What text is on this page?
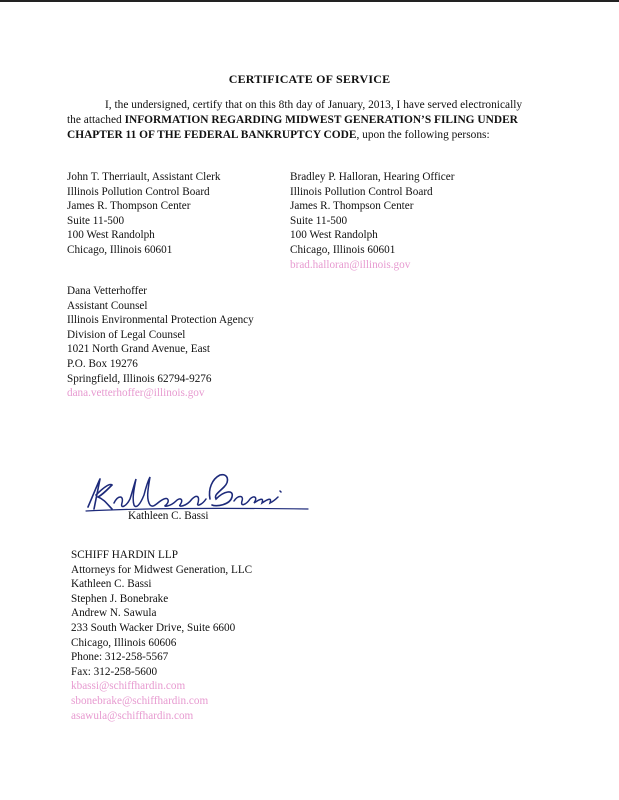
CERTIFICATE OF SERVICE
I, the undersigned, certify that on this 8th day of January, 2013, I have served electronically the attached INFORMATION REGARDING MIDWEST GENERATION’S FILING UNDER CHAPTER 11 OF THE FEDERAL BANKRUPTCY CODE, upon the following persons:
John T. Therriault, Assistant Clerk
Illinois Pollution Control Board
James R. Thompson Center
Suite 11-500
100 West Randolph
Chicago, Illinois 60601
Bradley P. Halloran, Hearing Officer
Illinois Pollution Control Board
James R. Thompson Center
Suite 11-500
100 West Randolph
Chicago, Illinois 60601
brad.halloran@illinois.gov
Dana Vetterhoffer
Assistant Counsel
Illinois Environmental Protection Agency
Division of Legal Counsel
1021 North Grand Avenue, East
P.O. Box 19276
Springfield, Illinois 62794-9276
dana.vetterhoffer@illinois.gov
Kathleen C. Bassi
SCHIFF HARDIN LLP
Attorneys for Midwest Generation, LLC
Kathleen C. Bassi
Stephen J. Bonebrake
Andrew N. Sawula
233 South Wacker Drive, Suite 6600
Chicago, Illinois 60606
Phone: 312-258-5567
Fax: 312-258-5600
kbassi@schiffhardin.com
sbonebrake@schiffhardin.com
asawula@schiffhardin.com
